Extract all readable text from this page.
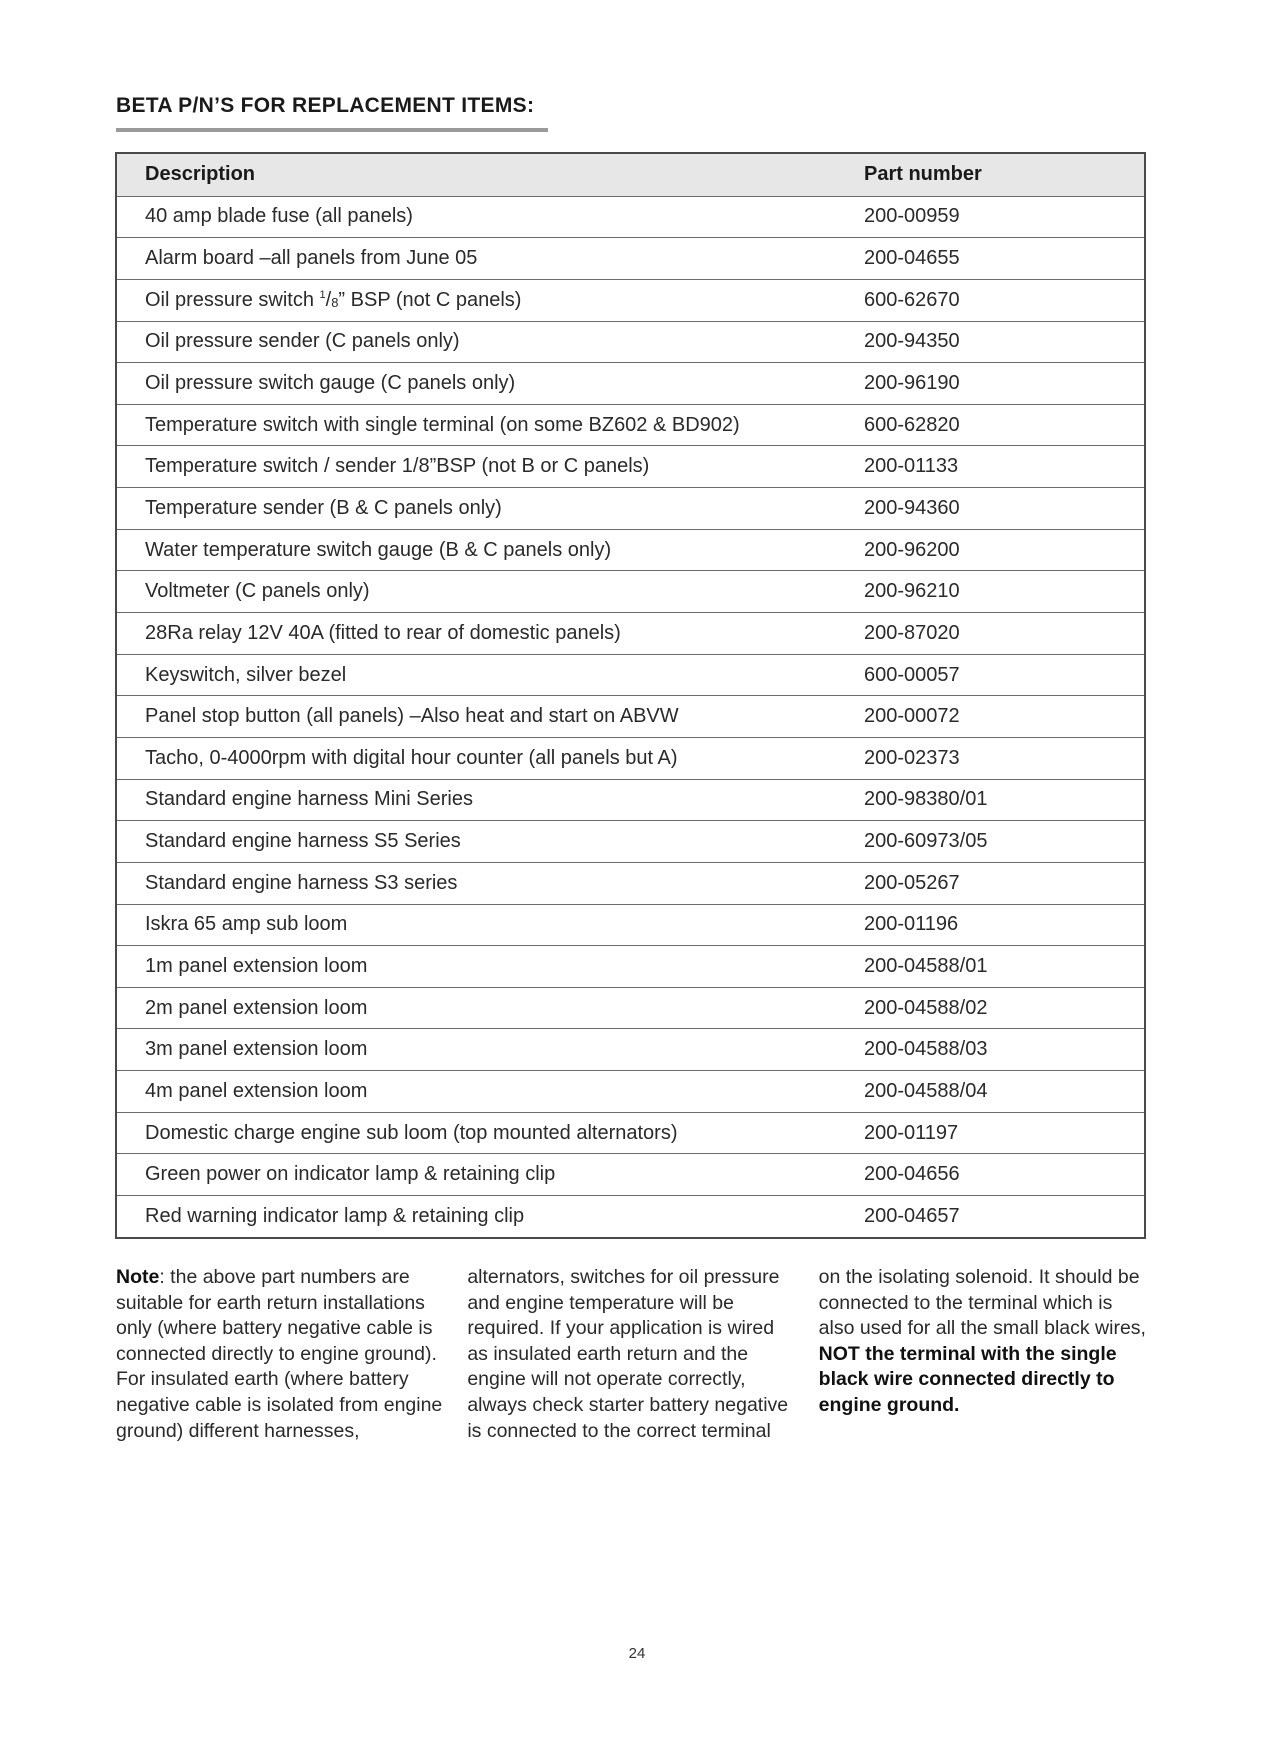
BETA P/N’S FOR REPLACEMENT ITEMS:
Description	Part number
40 amp blade fuse (all panels)	200-00959
Alarm board –all panels from June 05	200-04655
Oil pressure switch $^1/_8$” BSP (not C panels)	600-62670
Oil pressure sender (C panels only)	200-94350
Oil pressure switch gauge (C panels only)	200-96190
Temperature switch with single terminal (on some BZ602 & BD902)	600-62820
Temperature switch / sender 1/8”BSP (not B or C panels)	200-01133
Temperature sender (B & C panels only)	200-94360
Water temperature switch gauge (B & C panels only)	200-96200
Voltmeter (C panels only)	200-96210
28Ra relay 12V 40A (fitted to rear of domestic panels)	200-87020
Keyswitch, silver bezel	600-00057
Panel stop button (all panels) –Also heat and start on ABVW	200-00072
Tacho, 0-4000rpm with digital hour counter (all panels but A)	200-02373
Standard engine harness Mini Series	200-98380/01
Standard engine harness S5 Series	200-60973/05
Standard engine harness S3 series	200-05267
Iskra 65 amp sub loom	200-01196
1m panel extension loom	200-04588/01
2m panel extension loom	200-04588/02
3m panel extension loom	200-04588/03
4m panel extension loom	200-04588/04
Domestic charge engine sub loom (top mounted alternators)	200-01197
Green power on indicator lamp & retaining clip	200-04656
Red warning indicator lamp & retaining clip	200-04657

Note: the above part numbers are suitable for earth return installations only (where battery negative cable is connected directly to engine ground). For insulated earth (where battery negative cable is isolated from engine ground) different harnesses,

alternators, switches for oil pressure and engine temperature will be required. If your application is wired as insulated earth return and the engine will not operate correctly, always check starter battery negative is connected to the correct terminal

on the isolating solenoid. It should be connected to the terminal which is also used for all the small black wires, NOT the terminal with the single black wire connected directly to engine ground.

24
